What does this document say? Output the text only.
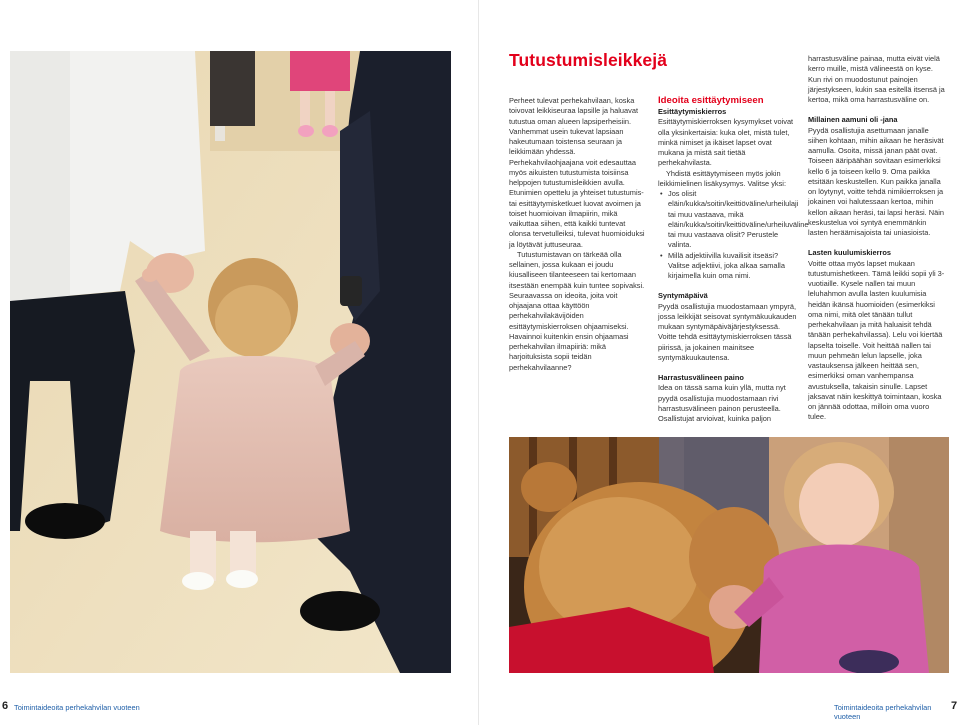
6 Toimintaideoita perhekahvilan vuoteen
Tutustumisleikkejä

Perheet tulevat perhekahvilaan, koska toivovat leikkiseuraa lapsille ja haluavat tutustua oman alueen lapsiperheisiin. Vanhemmat usein tukevat lapsiaan hakeutumaan toistensa seuraan ja leikkimään yhdessä. Perhekahvilaohjaajana voit edesauttaa myös aikuisten tutustumista toisiinsa helppojen tutustumisleikkien avulla. Etunimien opettelu ja yhteiset tutustumis- tai esittäytymisketkuet luovat avoimen ja toiset huomioivan ilmapiirin, mikä vaikuttaa siihen, että kaikki tuntevat olonsa tervetulleiksi, tulevat huomioiduksi ja löytävät juttuseuraa.

Tutustumistavan on tärkeää olla sellainen, jossa kukaan ei joudu kiusalliseen tilanteeseen tai kertomaan itsestään enempää kuin tuntee sopivaksi. Seuraavassa on ideoita, joita voit ohjaajana ottaa käyttöön perhekahvilakävijöiden esittäytymiskierroksen ohjaamiseksi. Havainnoi kuitenkin ensin ohjaamasi perhekahvilan ilmapiiriä: mikä harjoituksista sopii teidän perhekahvilaanne?

Ideoita esittäytymiseen
Esittäytymiskierros

Esittäytymiskierroksen kysymykset voivat olla yksinkertaisia: kuka olet, mistä tulet, minkä nimiset ja ikäiset lapset ovat mukana ja mistä sait tietää perhekahvilasta.

Yhdistä esittäytymiseen myös jokin leikkimielinen lisäkysymys. Valitse yksi:

• Jos olisit eläin/kukka/soitin/keittiöväline/urheilulaji tai muu vastaava, mikä eläin/kukka/soitin/keittiöväline/urheiluväline tai muu vastaava olisit? Perustele valinta.
• Millä adjektiivilla kuvailisit itseäsi? Valitse adjektiivi, joka alkaa samalla kirjaimella kuin oma nimi.
Syntymäpäivä

Pyydä osallistujia muodostamaan ympyrä, jossa leikkijät seisovat syntymäkuukauden mukaan syntymäpäiväjärjestyksessä. Voitte tehdä esittäytymiskierroksen tässä piirissä, ja jokainen mainitsee syntymäkuukautensa.

Harrastusvälineen paino

Idea on tässä sama kuin yllä, mutta nyt pyydä osallistujia muodostamaan rivi harrastusvälineen painon perusteella. Osallistujat arvioivat, kuinka paljon

harrastusväline painaa, mutta eivät vielä kerro muille, mistä välineestä on kyse. Kun rivi on muodostunut painojen järjestykseen, kukin saa esitellä itsensä ja kertoa, mikä oma harrastusväline on.

Millainen aamuni oli -jana

Pyydä osallistujia asettumaan janalle siihen kohtaan, mihin aikaan he heräsivät aamulla. Osoita, missä janan päät ovat. Toiseen ääripäähän sovitaan esimerkiksi kello 6 ja toiseen kello 9. Oma paikka etsitään keskustellen. Kun paikka janalla on löytynyt, voitte tehdä nimikierroksen ja jokainen voi halutessaan kertoa, mihin kellon aikaan heräsi, tai lapsi heräsi. Näin keskustelua voi syntyä enemmänkin lasten heräämisajoista tai uniasioista.

Lasten kuulumiskierros

Voitte ottaa myös lapset mukaan tutustumishetkeen. Tämä leikki sopii yli 3-vuotiaille. Kysele nallen tai muun leluhahmon avulla lasten kuulumisia heidän ikänsä huomioiden (esimerkiksi oma nimi, mitä olet tänään tullut perhekahvilaan ja mitä haluaisit tehdä tänään perhekahvilassa). Lelu voi kiertää lapselta toiselle. Voit heittää nallen tai muun pehmeän lelun lapselle, joka vastauksensa jälkeen heittää sen, esimerkiksi oman vanhempansa avustuksella, takaisin sinulle. Lapset jaksavat näin keskittyä toimintaan, koska on jännää odottaa, milloin oma vuoro tulee.

Toimintaideoita perhekahvilan vuoteen
7
